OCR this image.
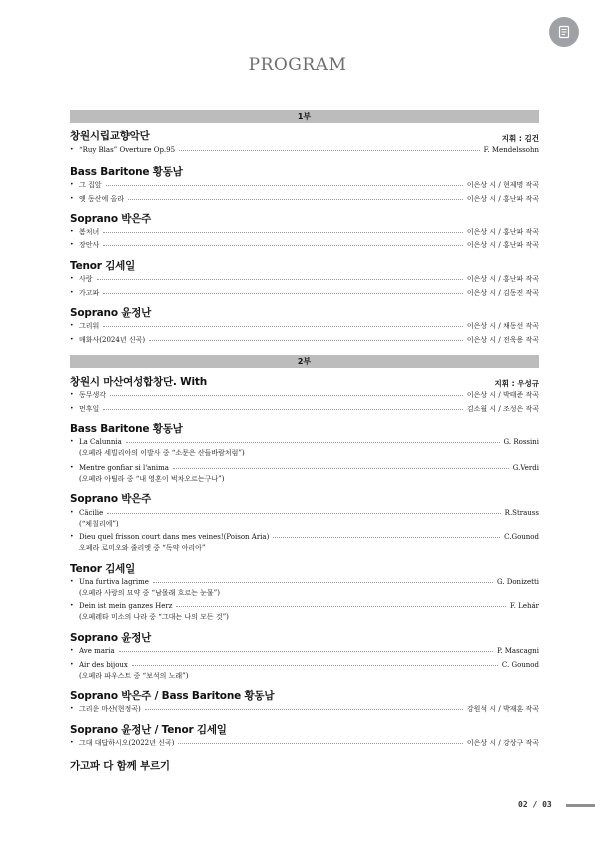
PROGRAM
1부
창원시립교향악단	지휘 : 김건
• “Ruy Blas” Overture Op.95	F. Mendelssohn
Bass Baritone 황동남
• 그 집앞	이은상 시 / 현제명 작곡
• 옛 동산에 올라	이은상 시 / 홍난파 작곡
Soprano 박은주
• 봄처녀	이은상 시 / 홍난파 작곡
• 장안사	이은상 시 / 홍난파 작곡
Tenor 김세일
• 사랑	이은상 시 / 홍난파 작곡
• 가고파	이은상 시 / 김동진 작곡
Soprano 윤정난
• 그리워	이은상 시 / 채동선 작곡
• 매화사(2024년 신곡)	이은상 시 / 전욱용 작곡
2부
창원시 마산여성합창단. With	지휘 : 우성규
• 동무생각	이은상 시 / 박태준 작곡
• 먼후일	김소월 시 / 조성은 작곡
Bass Baritone 황동남
• La Calunnia	G. Rossini
(오페라 세빌리아의 이발사 중 “소문은 산들바람처럼”)
• Mentre gonfiar si l'anima	G.Verdi
(오페라 아틸라 중 “내 영혼이 벅차오르는구나”)
Soprano 박은주
• Cäcilie	R.Strauss
(“체칠리에”)
• Dieu quel frisson court dans mes veines!(Poison Aria)	C.Gounod
오페라 로미오와 줄리엣 중 “독약 아리아”
Tenor 김세일
• Una furtiva lagrime	G. Donizetti
(오페라 사랑의 묘약 중 “남몰래 흐르는 눈물”)
• Dein ist mein ganzes Herz	F. Lehár
(오페레타 미소의 나라 중 “그대는 나의 모든 것”)
Soprano 윤정난
• Ave maria	P. Mascagni
• Air des bijoux	C. Gounod
(오페라 파우스트 중 “보석의 노래”)
Soprano 박은주 / Bass Baritone 황동남
• 그리운 마산(현정곡)	강원석 시 / 박재훈 작곡
Soprano 윤정난 / Tenor 김세일
• 그대 대답하시오(2022년 신곡)	이은상 시 / 강상구 작곡
가고파 다 함께 부르기
02 / 03
